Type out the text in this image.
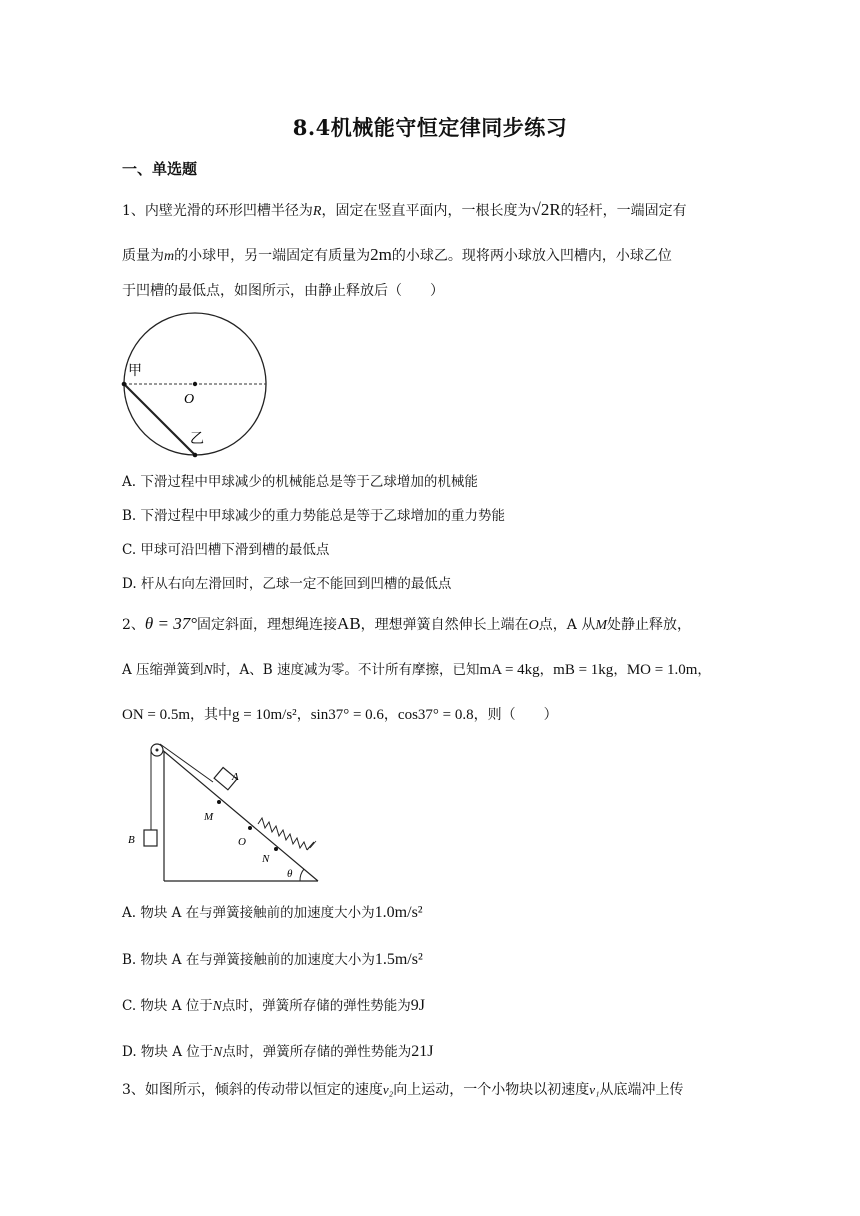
8.4机械能守恒定律同步练习
一、单选题
1、内壁光滑的环形凹槽半径为R，固定在竖直平面内，一根长度为√2R的轻杆，一端固定有
质量为m的小球甲，另一端固定有质量为2m的小球乙。现将两小球放入凹槽内，小球乙位
于凹槽的最低点，如图所示，由静止释放后（　　）
甲
O
乙
A. 下滑过程中甲球减少的机械能总是等于乙球增加的机械能
B. 下滑过程中甲球减少的重力势能总是等于乙球增加的重力势能
C. 甲球可沿凹槽下滑到槽的最低点
D. 杆从右向左滑回时，乙球一定不能回到凹槽的最低点
2、θ = 37°固定斜面，理想绳连接AB，理想弹簧自然伸长上端在O点，A 从M处静止释放，
A 压缩弹簧到N时，A、B 速度减为零。不计所有摩擦，已知mA = 4kg，mB = 1kg，MO = 1.0m，
ON = 0.5m，其中g = 10m/s²，sin37° = 0.6，cos37° = 0.8，则（　　）
A
B
M
O
N
θ
A. 物块 A 在与弹簧接触前的加速度大小为1.0m/s²
B. 物块 A 在与弹簧接触前的加速度大小为1.5m/s²
C. 物块 A 位于N点时，弹簧所存储的弹性势能为9J
D. 物块 A 位于N点时，弹簧所存储的弹性势能为21J
3、如图所示，倾斜的传动带以恒定的速度v₂向上运动，一个小物块以初速度v₁从底端冲上传
